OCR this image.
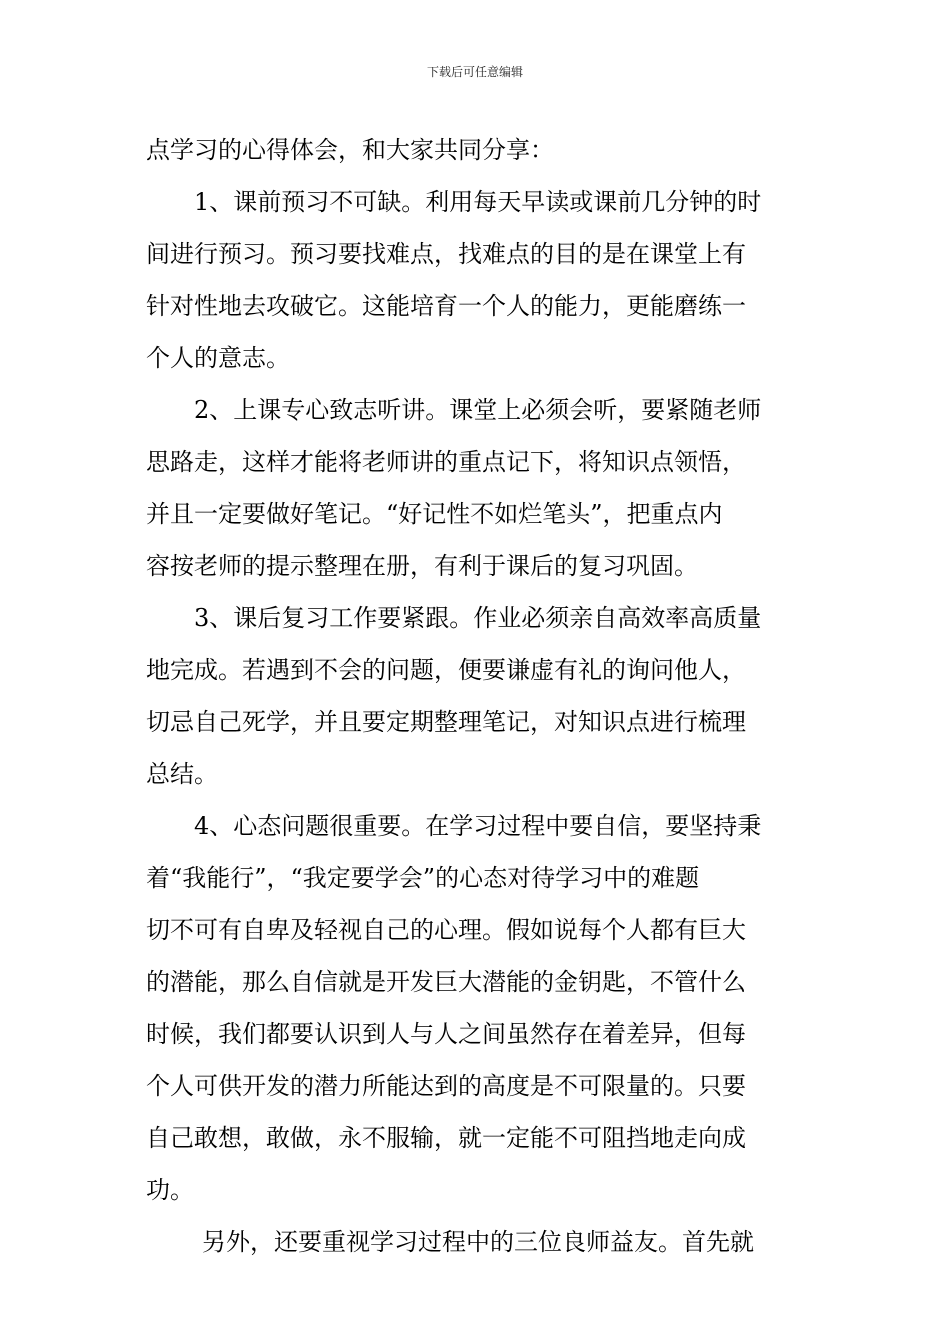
下载后可任意编辑
点学习的心得体会，和大家共同分享：
1、课前预习不可缺。利用每天早读或课前几分钟的时
间进行预习。预习要找难点，找难点的目的是在课堂上有
针对性地去攻破它。这能培育一个人的能力，更能磨练一
个人的意志。
2、上课专心致志听讲。课堂上必须会听，要紧随老师
思路走，这样才能将老师讲的重点记下，将知识点领悟，
并且一定要做好笔记。“好记性不如烂笔头”，把重点内
容按老师的提示整理在册，有利于课后的复习巩固。
3、课后复习工作要紧跟。作业必须亲自高效率高质量
地完成。若遇到不会的问题，便要谦虚有礼的询问他人，
切忌自己死学，并且要定期整理笔记，对知识点进行梳理
总结。
4、心态问题很重要。在学习过程中要自信，要坚持秉
着“我能行”，“我定要学会”的心态对待学习中的难题
切不可有自卑及轻视自己的心理。假如说每个人都有巨大
的潜能，那么自信就是开发巨大潜能的金钥匙，不管什么
时候，我们都要认识到人与人之间虽然存在着差异，但每
个人可供开发的潜力所能达到的高度是不可限量的。只要
自己敢想，敢做，永不服输，就一定能不可阻挡地走向成
功。
另外，还要重视学习过程中的三位良师益友。首先就
